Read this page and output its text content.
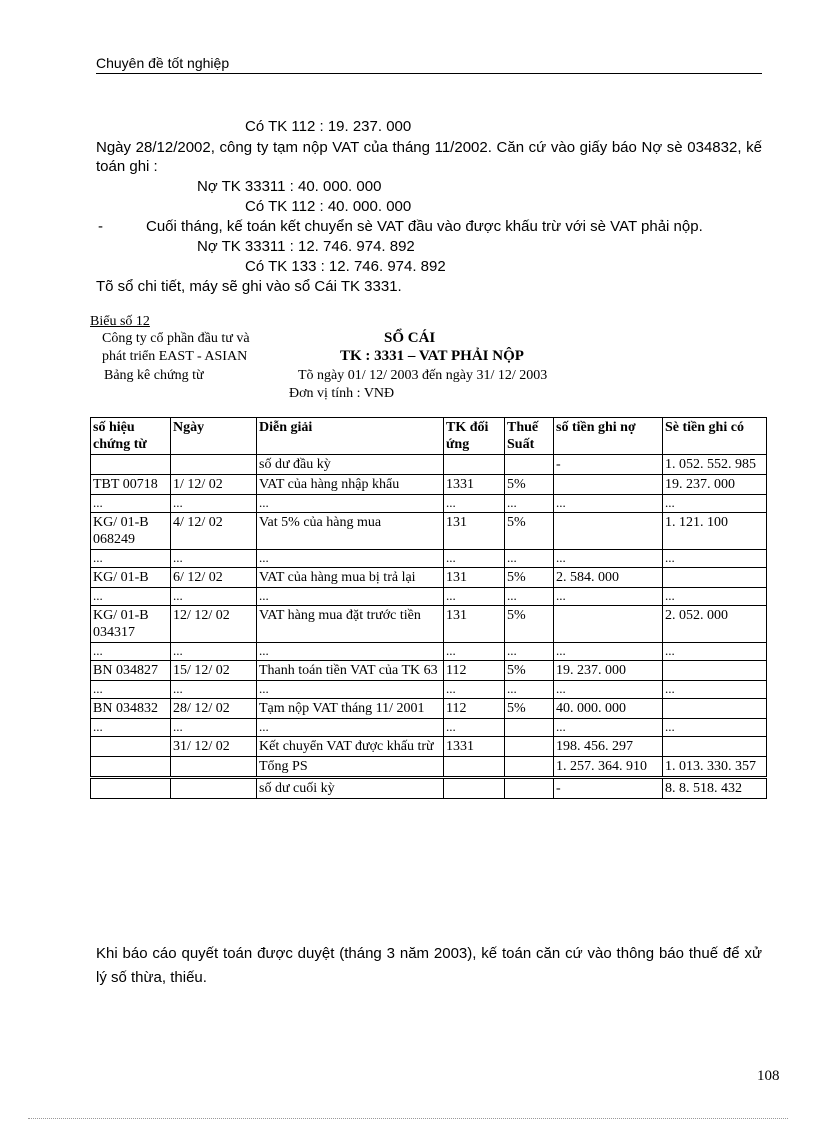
Chuyên đề tốt nghiệp
Có TK 112 : 19. 237. 000
Ngày 28/12/2002, công ty tạm nộp VAT của tháng 11/2002. Căn cứ vào giấy báo Nợ sè 034832, kế toán ghi :
Nợ TK 33311 : 40. 000. 000
Có TK 112 : 40. 000. 000
-	Cuối tháng, kế toán kết chuyển sè VAT đầu vào được khấu trừ với sè VAT phải nộp.
Nợ TK 33311 : 12. 746. 974. 892
Có TK 133 : 12. 746. 974. 892
Tõ sổ chi tiết, máy sẽ ghi vào sổ Cái TK 3331.
Biểu số 12
Công ty cổ phần đầu tư và
phát triển EAST - ASIAN
Bảng kê chứng từ
SỔ CÁI
TK : 3331 – VAT PHẢI NỘP
Tõ ngày 01/ 12/ 2003 đến ngày 31/ 12/ 2003
Đơn vị tính : VNĐ
số hiệu chứng từ	Ngày	Diễn giải	TK đối ứng	Thuế Suất	số tiền ghi nợ	Sè tiền ghi có
		số dư đầu kỳ			-	1. 052. 552. 985
TBT 00718	1/ 12/ 02	VAT của hàng nhập khẩu	1331	5%		19. 237. 000
...	...	...	...	...	...	...
KG/ 01-B 068249	4/ 12/ 02	Vat 5% của hàng mua	131	5%		1. 121. 100
...	...	...	...	...	...	...
KG/ 01-B	6/ 12/ 02	VAT của hàng mua bị trả lại	131	5%	2. 584. 000	
...	...	...	...	...	...	...
KG/ 01-B 034317	12/ 12/ 02	VAT hàng mua đặt trước tiền	131	5%		2. 052. 000
...	...	...	...	...	...	...
BN 034827	15/ 12/ 02	Thanh toán tiền VAT của TK 63	112	5%	19. 237. 000	
...	...	...	...	...	...	...
BN 034832	28/ 12/ 02	Tạm nộp VAT tháng 11/ 2001	112	5%	40. 000. 000	
...	...	...	...		...	...
	31/ 12/ 02	Kết chuyển VAT được khấu trừ	1331		198. 456. 297	
		Tổng PS			1. 257. 364. 910	1. 013. 330. 357
		số dư cuối kỳ			-	8. 8. 518. 432
Khi báo cáo quyết toán được duyệt (tháng 3 năm 2003), kế toán căn cứ vào thông báo thuế để xử lý số thừa, thiếu.
108
